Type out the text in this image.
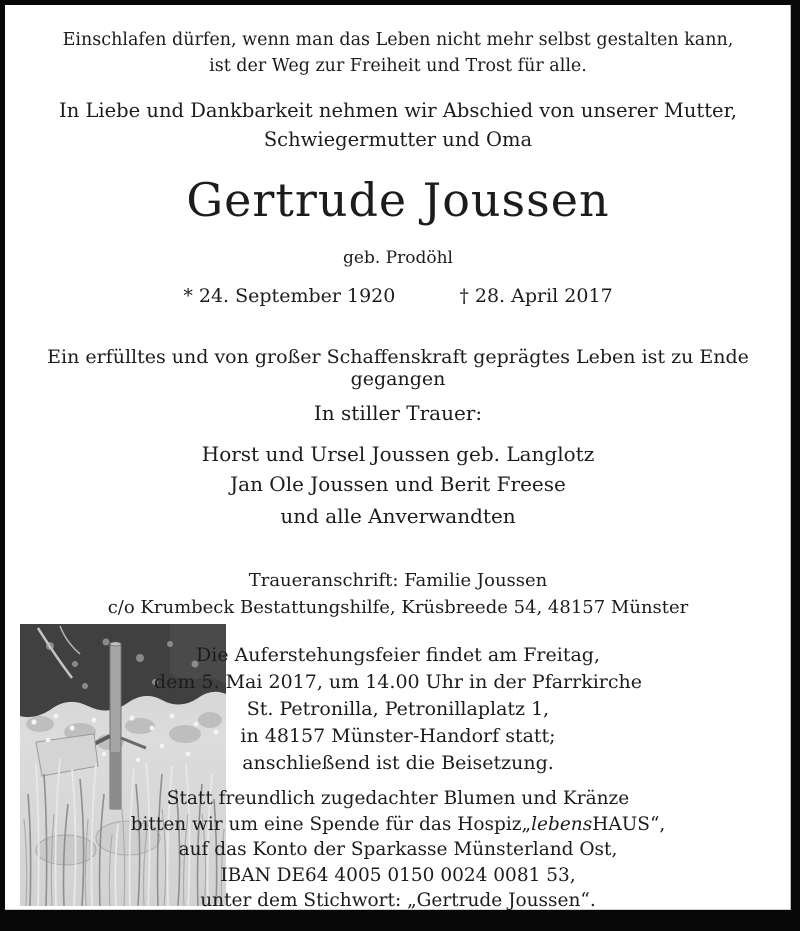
Einschlafen dürfen, wenn man das Leben nicht mehr selbst gestalten kann,
ist der Weg zur Freiheit und Trost für alle.
In Liebe und Dankbarkeit nehmen wir Abschied von unserer Mutter,
Schwiegermutter und Oma
Gertrude Joussen
geb. Prodöhl
* 24. September 1920	† 28. April 2017
Ein erfülltes und von großer Schaffenskraft geprägtes Leben ist zu Ende gegangen
In stiller Trauer:
Horst und Ursel Joussen geb. Langlotz
Jan Ole Joussen und Berit Freese
und alle Anverwandten
Traueranschrift: Familie Joussen
c/o Krumbeck Bestattungshilfe, Krüsbreede 54, 48157 Münster
Die Auferstehungsfeier findet am Freitag,
dem 5. Mai 2017, um 14.00 Uhr in der Pfarrkirche
St. Petronilla, Petronillaplatz 1,
in 48157 Münster-Handorf statt;
anschließend ist die Beisetzung.
Statt freundlich zugedachter Blumen und Kränze
bitten wir um eine Spende für das Hospiz„lebensHAUS“,
auf das Konto der Sparkasse Münsterland Ost,
IBAN DE64 4005 0150 0024 0081 53,
unter dem Stichwort: „Gertrude Joussen“.
